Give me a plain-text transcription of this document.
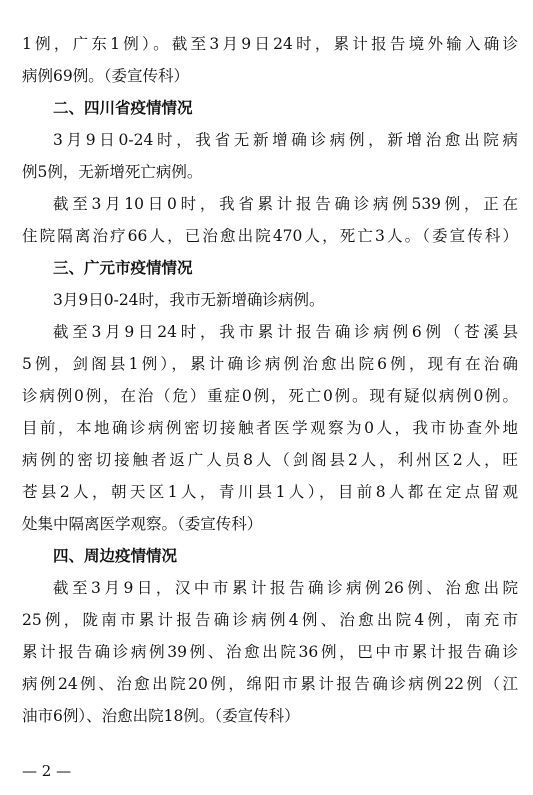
1例，广东1例）。截至3月9日24时，累计报告境外输入确诊
病例69例。（委宣传科）
二、四川省疫情情况
3月9日0-24时，我省无新增确诊病例，新增治愈出院病
例5例，无新增死亡病例。
截至3月10日0时，我省累计报告确诊病例539例，正在
住院隔离治疗66人，已治愈出院470人，死亡3人。（委宣传科）
三、广元市疫情情况
3月9日0-24时，我市无新增确诊病例。
截至3月9日24时，我市累计报告确诊病例6例（苍溪县
5例，剑阁县1例），累计确诊病例治愈出院6例，现有在治确
诊病例0例，在治（危）重症0例，死亡0例。现有疑似病例0例。
目前，本地确诊病例密切接触者医学观察为0人，我市协查外地
病例的密切接触者返广人员8人（剑阁县2人，利州区2人，旺
苍县2人，朝天区1人，青川县1人），目前8人都在定点留观
处集中隔离医学观察。（委宣传科）
四、周边疫情情况
截至3月9日，汉中市累计报告确诊病例26例、治愈出院
25例，陇南市累计报告确诊病例4例、治愈出院4例，南充市
累计报告确诊病例39例、治愈出院36例，巴中市累计报告确诊
病例24例、治愈出院20例，绵阳市累计报告确诊病例22例（江
油市6例）、治愈出院18例。（委宣传科）
— 2 —
